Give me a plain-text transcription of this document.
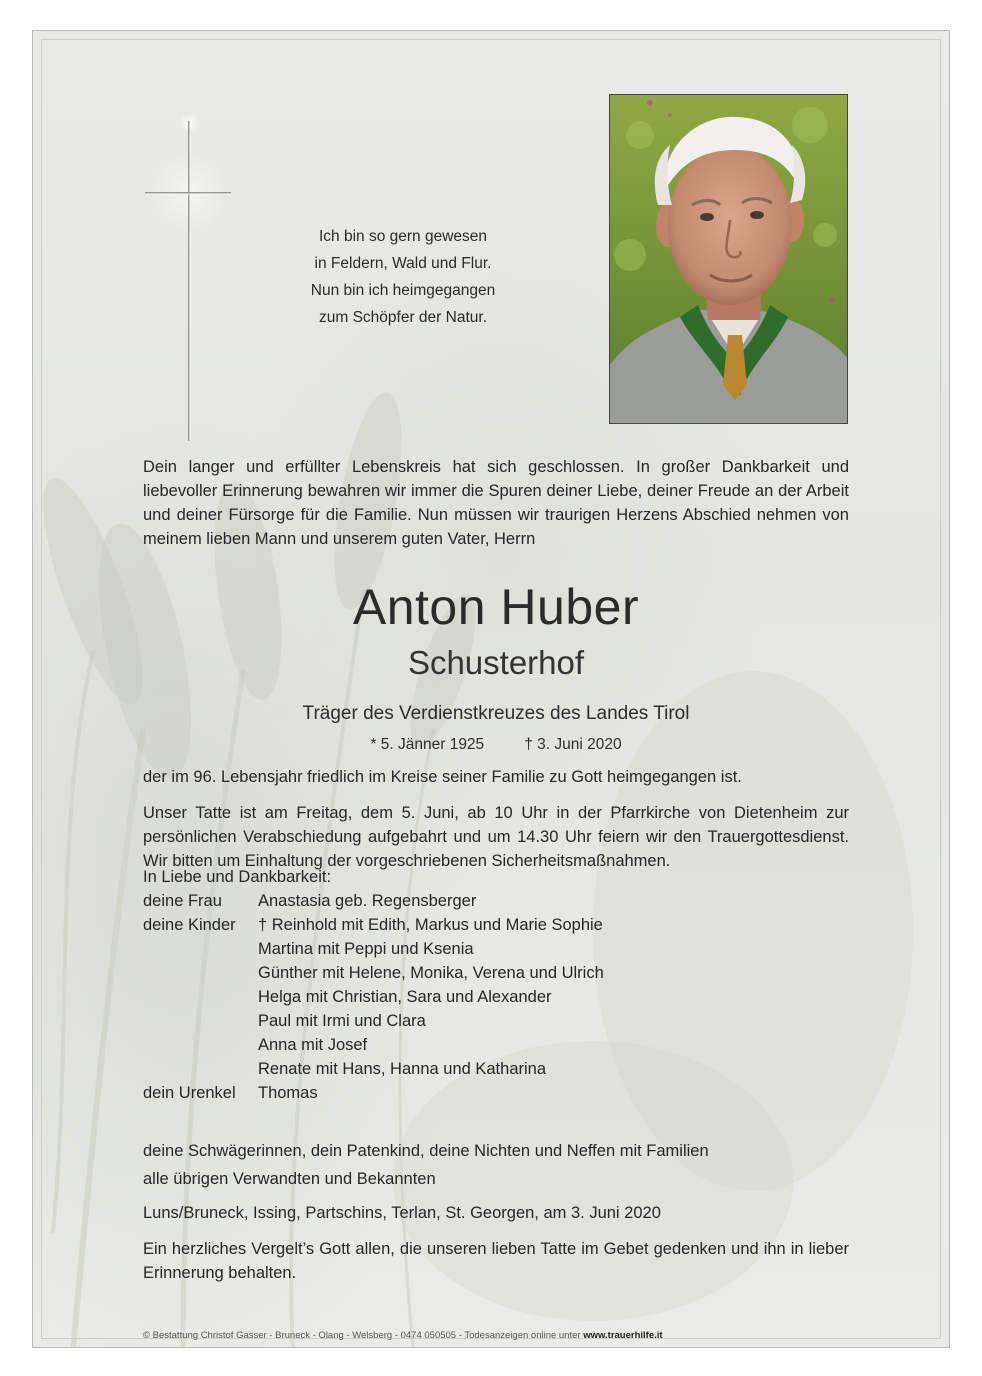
Ich bin so gern gewesen
in Feldern, Wald und Flur.
Nun bin ich heimgegangen
zum Schöpfer der Natur.
Dein langer und erfüllter Lebenskreis hat sich geschlossen. In großer Dankbarkeit und liebevoller Erinnerung bewahren wir immer die Spuren deiner Liebe, deiner Freude an der Arbeit und deiner Fürsorge für die Familie. Nun müssen wir traurigen Herzens Abschied nehmen von meinem lieben Mann und unserem guten Vater, Herrn
Anton Huber
Schusterhof
Träger des Verdienstkreuzes des Landes Tirol
* 5. Jänner 1925	† 3. Juni 2020
der im 96. Lebensjahr friedlich im Kreise seiner Familie zu Gott heimgegangen ist.
Unser Tatte ist am Freitag, dem 5. Juni, ab 10 Uhr in der Pfarrkirche von Dietenheim zur persönlichen Verabschiedung aufgebahrt und um 14.30 Uhr feiern wir den Trauergottesdienst. Wir bitten um Einhaltung der vorgeschriebenen Sicherheitsmaßnahmen.
In Liebe und Dankbarkeit:
deine Frau Anastasia geb. Regensberger
deine Kinder † Reinhold mit Edith, Markus und Marie Sophie
Martina mit Peppi und Ksenia
Günther mit Helene, Monika, Verena und Ulrich
Helga mit Christian, Sara und Alexander
Paul mit Irmi und Clara
Anna mit Josef
Renate mit Hans, Hanna und Katharina
dein Urenkel Thomas
deine Schwägerinnen, dein Patenkind, deine Nichten und Neffen mit Familien
alle übrigen Verwandten und Bekannten
Luns/Bruneck, Issing, Partschins, Terlan, St. Georgen, am 3. Juni 2020
Ein herzliches Vergelt’s Gott allen, die unseren lieben Tatte im Gebet gedenken und ihn in lieber Erinnerung behalten.
© Bestattung Christof Gasser - Bruneck - Olang - Welsberg - 0474 050505 - Todesanzeigen online unter www.trauerhilfe.it
